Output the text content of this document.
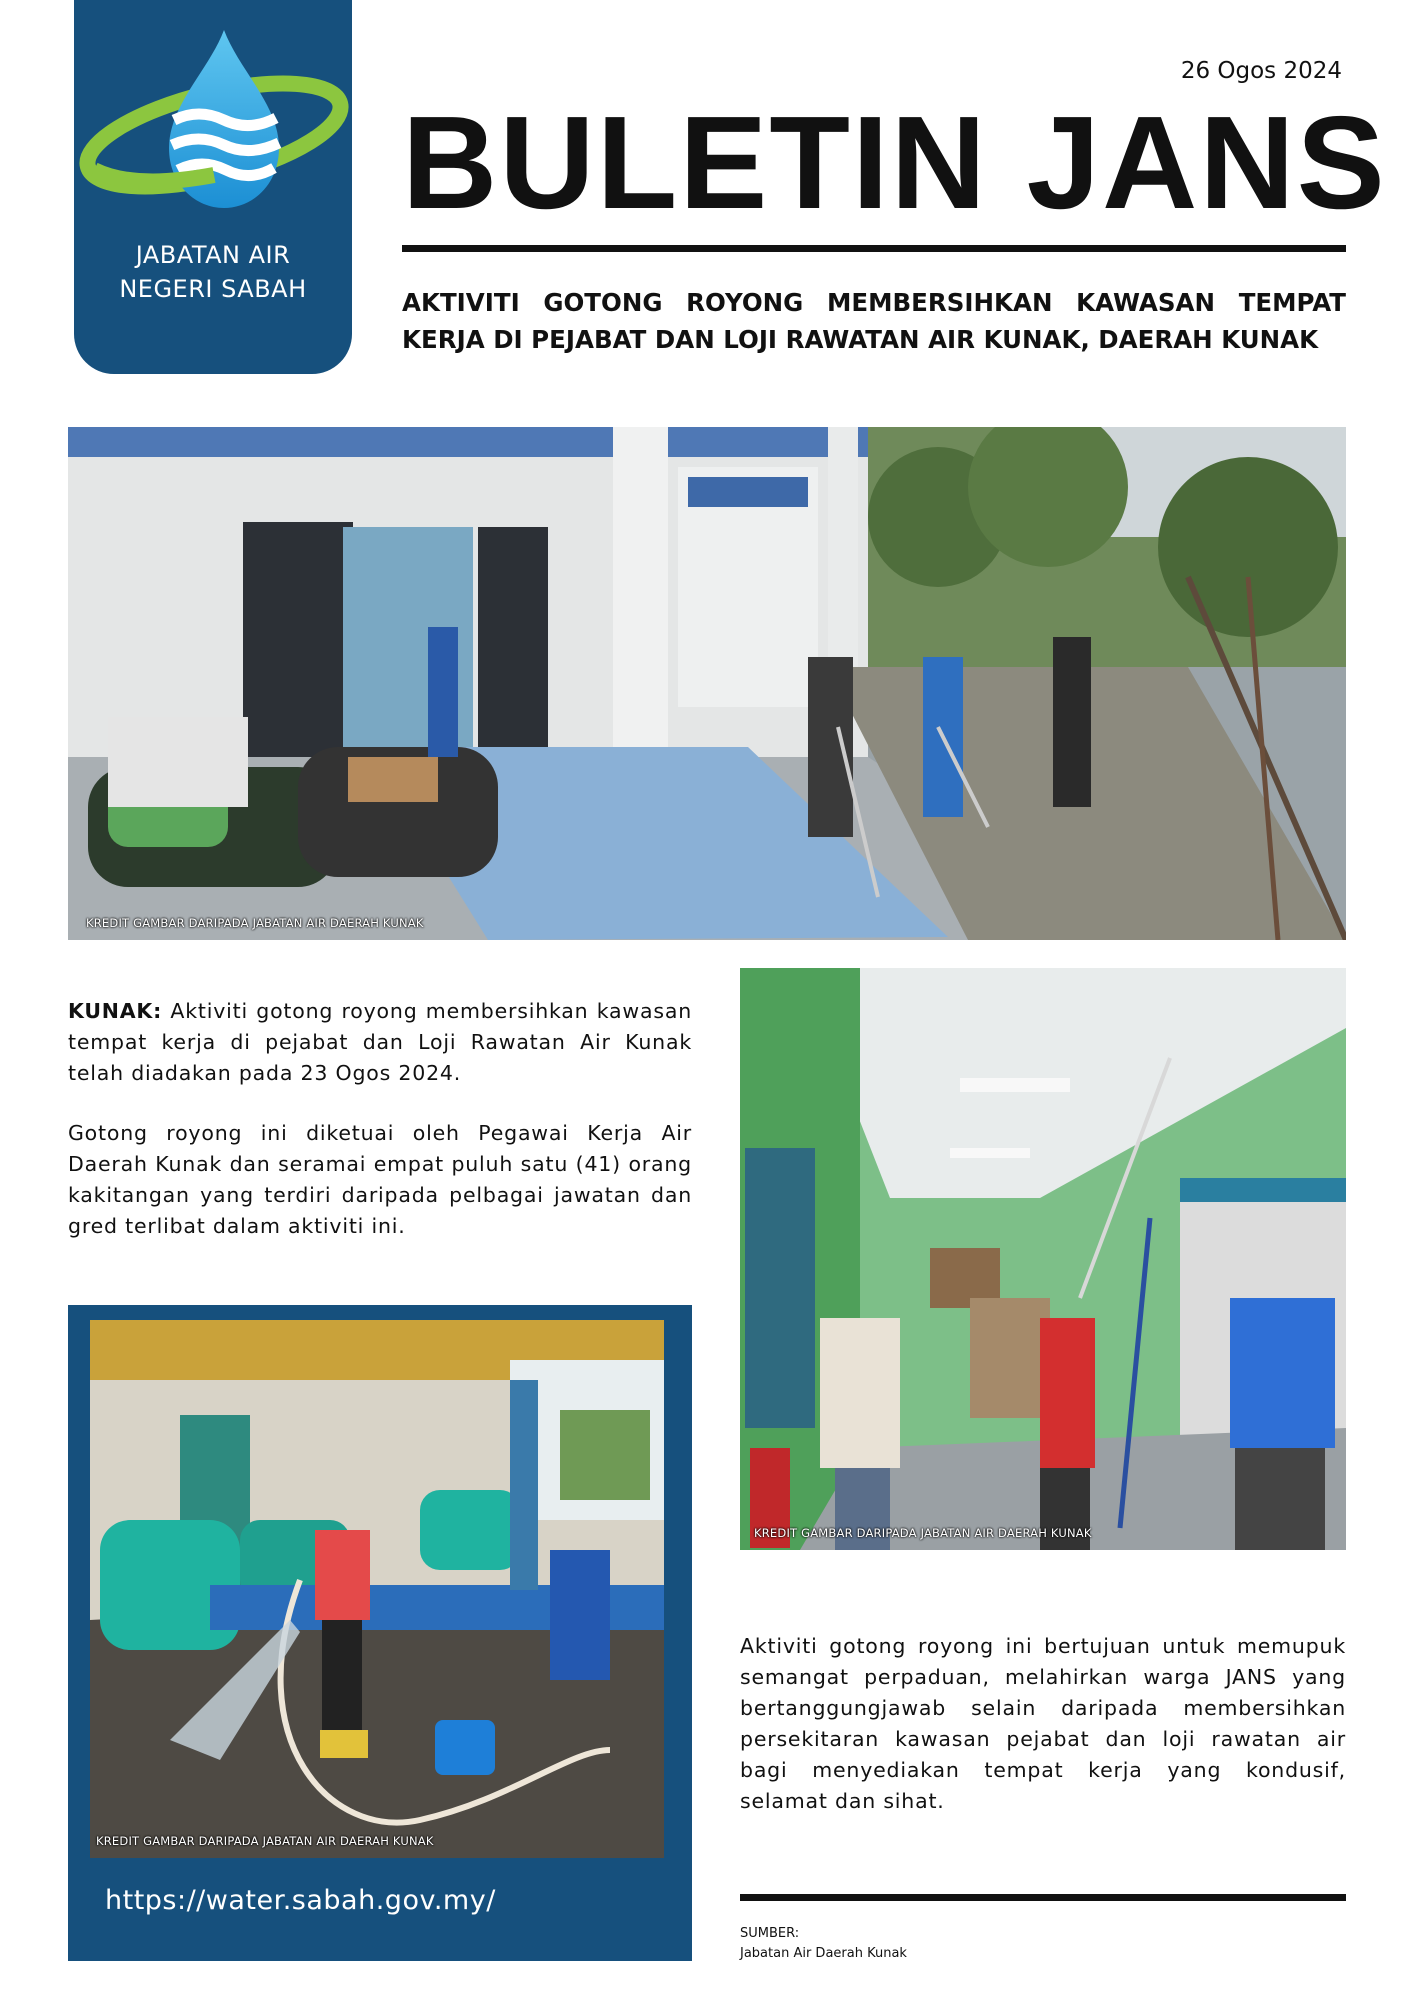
JABATAN AIR
NEGERI SABAH
26 Ogos 2024
BULETIN JANS
AKTIVITI GOTONG ROYONG MEMBERSIHKAN KAWASAN TEMPAT KERJA DI PEJABAT DAN LOJI RAWATAN AIR KUNAK, DAERAH KUNAK
KREDIT GAMBAR DARIPADA JABATAN AIR DAERAH KUNAK
KUNAK: Aktiviti gotong royong membersihkan kawasan tempat kerja di pejabat dan Loji Rawatan Air Kunak telah diadakan pada 23 Ogos 2024.
Gotong royong ini diketuai oleh Pegawai Kerja Air Daerah Kunak dan seramai empat puluh satu (41) orang kakitangan yang terdiri daripada pelbagai jawatan dan gred terlibat dalam aktiviti ini.
KREDIT GAMBAR DARIPADA JABATAN AIR DAERAH KUNAK
KREDIT GAMBAR DARIPADA JABATAN AIR DAERAH KUNAK
https://water.sabah.gov.my/
Aktiviti gotong royong ini bertujuan untuk memupuk semangat perpaduan, melahirkan warga JANS yang bertanggungjawab selain daripada membersihkan persekitaran kawasan pejabat dan loji rawatan air bagi menyediakan tempat kerja yang kondusif, selamat dan sihat.
SUMBER:
Jabatan Air Daerah Kunak
